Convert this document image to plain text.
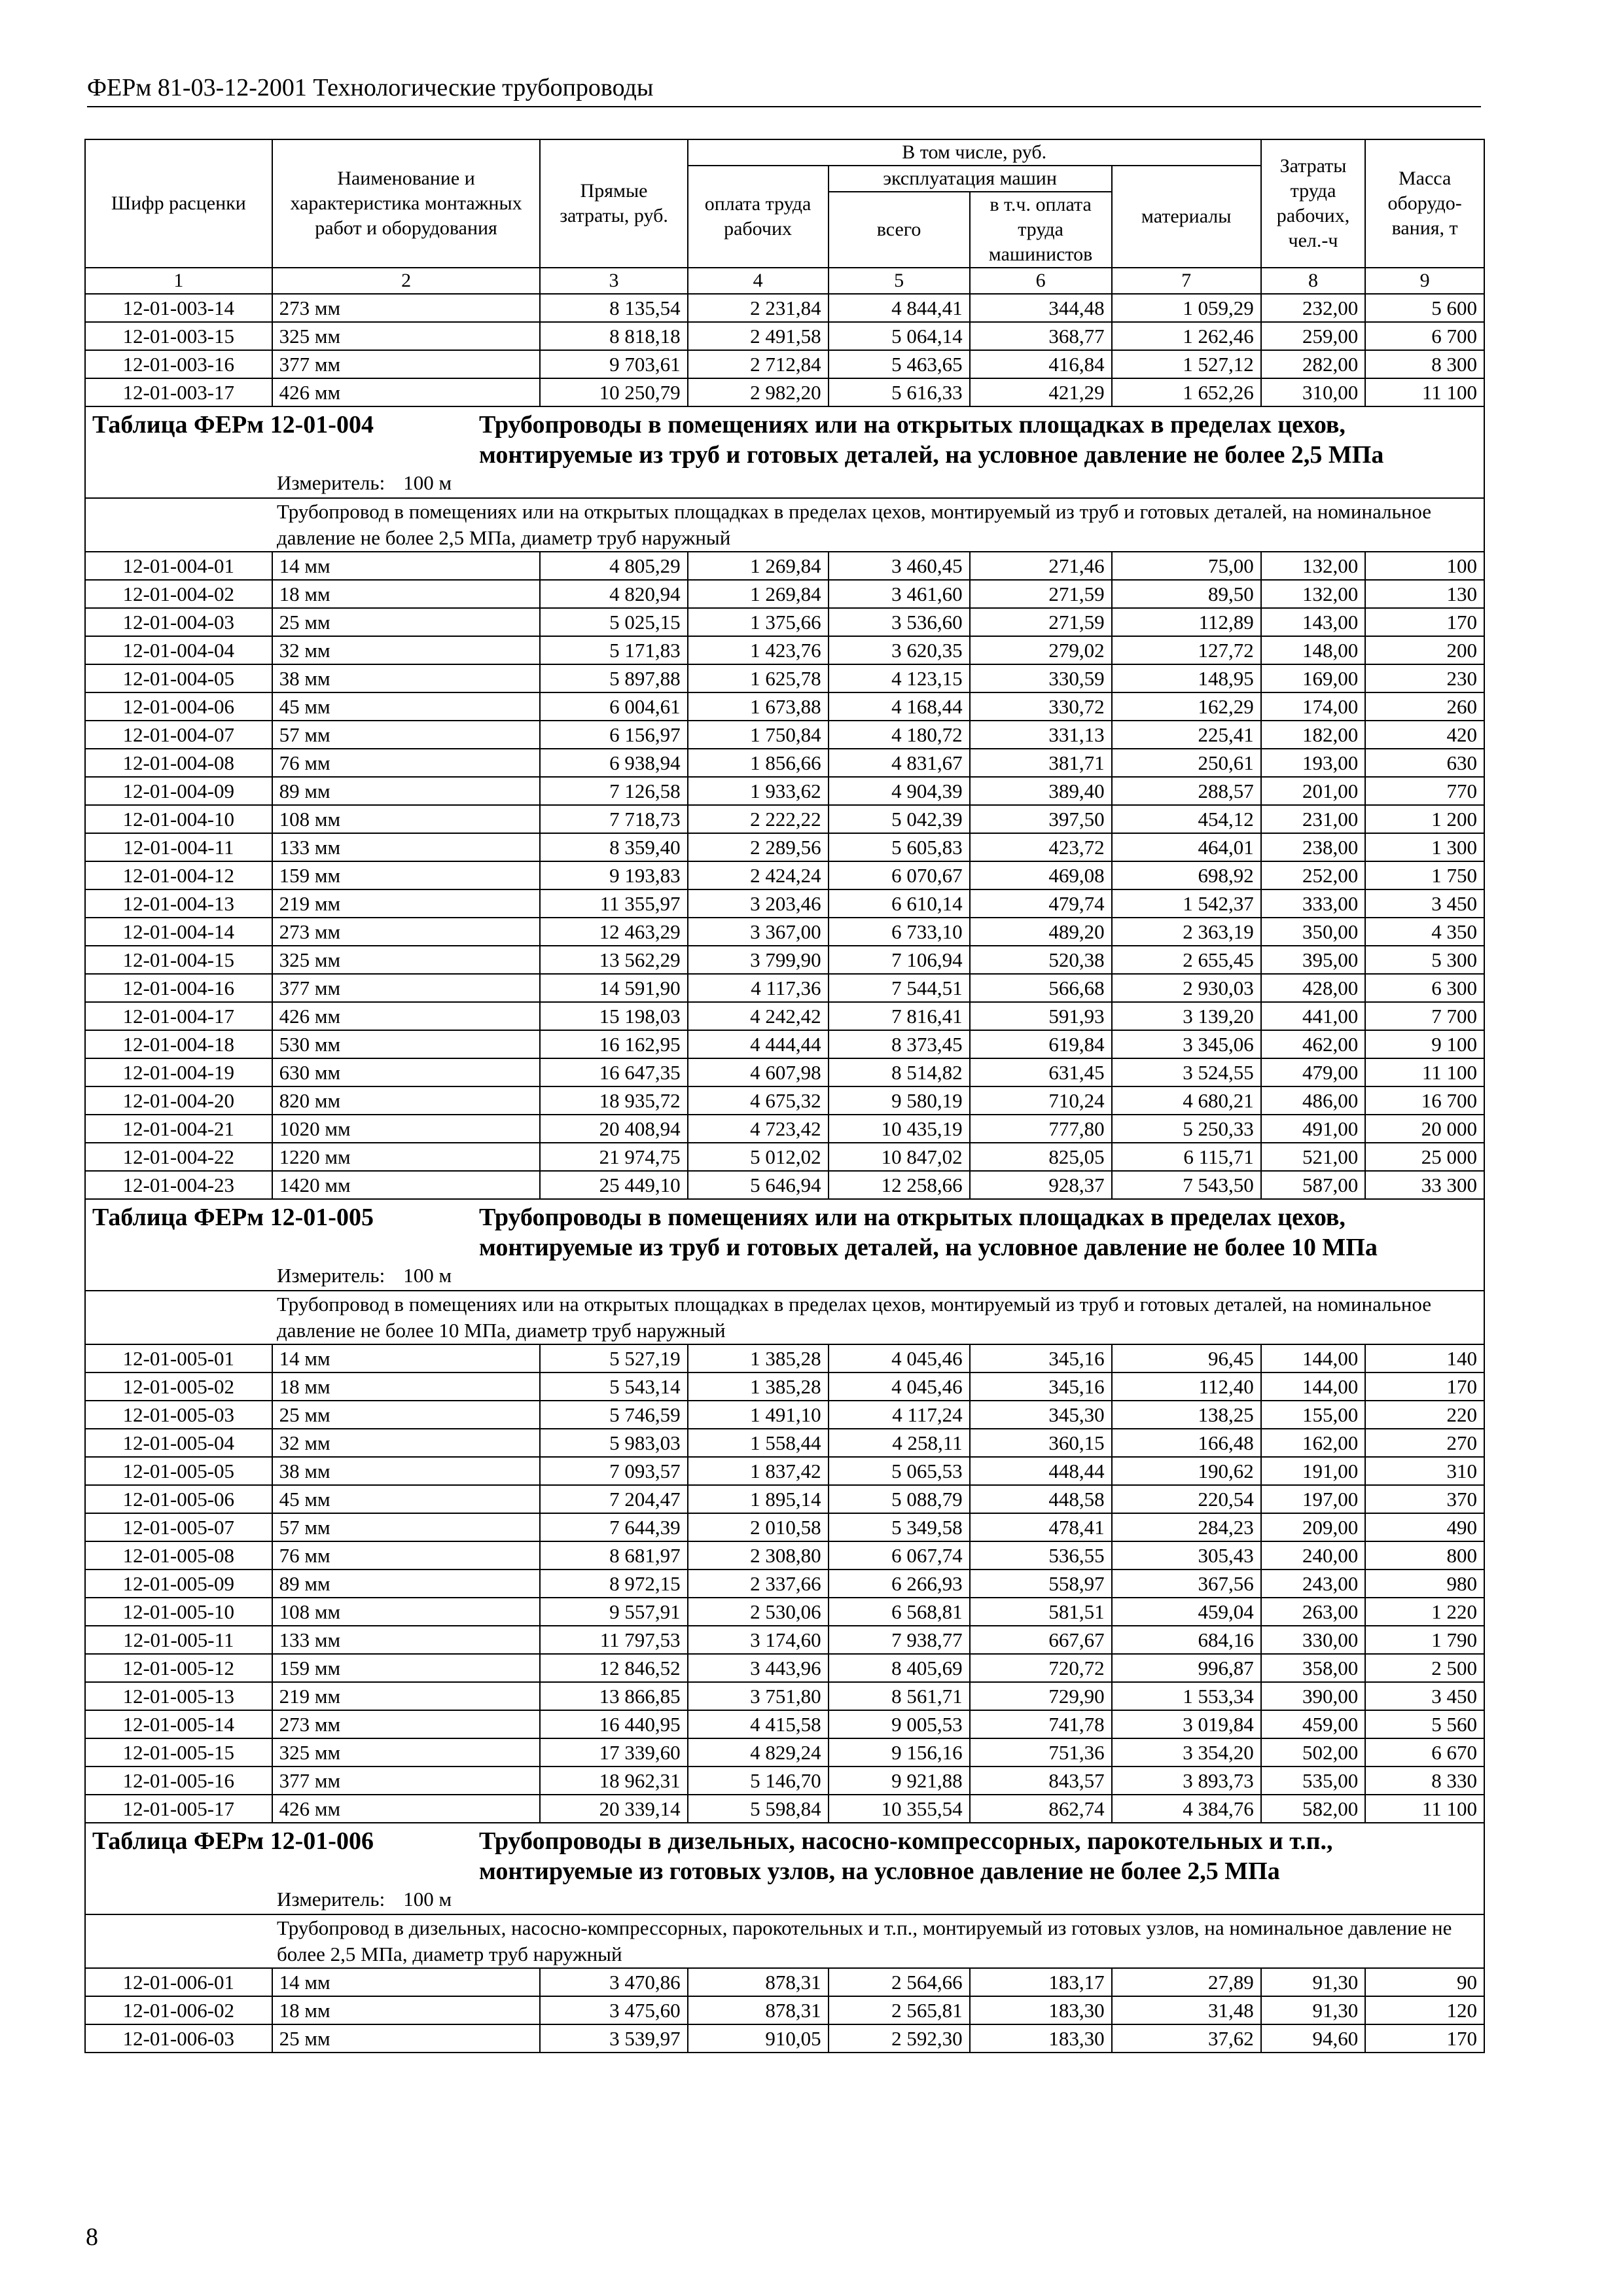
ФЕРм 81-03-12-2001 Технологические трубопроводы
Шифр расценки	Наименование и характеристика монтажных работ и оборудования	Прямые затраты, руб.	В том числе, руб.				Затраты труда рабочих, чел.-ч	Масса оборудо-вания, т
			оплата труда рабочих	эксплуатация машин		материалы		
				всего	в т.ч. оплата труда машинистов			
1	2	3	4	5	6	7	8	9
12-01-003-14	273 мм	8 135,54	2 231,84	4 844,41	344,48	1 059,29	232,00	5 600
12-01-003-15	325 мм	8 818,18	2 491,58	5 064,14	368,77	1 262,46	259,00	6 700
12-01-003-16	377 мм	9 703,61	2 712,84	5 463,65	416,84	1 527,12	282,00	8 300
12-01-003-17	426 мм	10 250,79	2 982,20	5 616,33	421,29	1 652,26	310,00	11 100

Таблица ФЕРм 12-01-004 Трубопроводы в помещениях или на открытых площадках в пределах цехов, монтируемые из труб и готовых деталей, на условное давление не более 2,5 МПа
Измеритель: 100 м								

Трубопровод в помещениях или на открытых площадках в пределах цехов, монтируемый из труб и готовых деталей, на номинальное давление не более 2,5 МПа, диаметр труб наружный								
12-01-004-01	14 мм	4 805,29	1 269,84	3 460,45	271,46	75,00	132,00	100
12-01-004-02	18 мм	4 820,94	1 269,84	3 461,60	271,59	89,50	132,00	130
12-01-004-03	25 мм	5 025,15	1 375,66	3 536,60	271,59	112,89	143,00	170
12-01-004-04	32 мм	5 171,83	1 423,76	3 620,35	279,02	127,72	148,00	200
12-01-004-05	38 мм	5 897,88	1 625,78	4 123,15	330,59	148,95	169,00	230
12-01-004-06	45 мм	6 004,61	1 673,88	4 168,44	330,72	162,29	174,00	260
12-01-004-07	57 мм	6 156,97	1 750,84	4 180,72	331,13	225,41	182,00	420
12-01-004-08	76 мм	6 938,94	1 856,66	4 831,67	381,71	250,61	193,00	630
12-01-004-09	89 мм	7 126,58	1 933,62	4 904,39	389,40	288,57	201,00	770
12-01-004-10	108 мм	7 718,73	2 222,22	5 042,39	397,50	454,12	231,00	1 200
12-01-004-11	133 мм	8 359,40	2 289,56	5 605,83	423,72	464,01	238,00	1 300
12-01-004-12	159 мм	9 193,83	2 424,24	6 070,67	469,08	698,92	252,00	1 750
12-01-004-13	219 мм	11 355,97	3 203,46	6 610,14	479,74	1 542,37	333,00	3 450
12-01-004-14	273 мм	12 463,29	3 367,00	6 733,10	489,20	2 363,19	350,00	4 350
12-01-004-15	325 мм	13 562,29	3 799,90	7 106,94	520,38	2 655,45	395,00	5 300
12-01-004-16	377 мм	14 591,90	4 117,36	7 544,51	566,68	2 930,03	428,00	6 300
12-01-004-17	426 мм	15 198,03	4 242,42	7 816,41	591,93	3 139,20	441,00	7 700
12-01-004-18	530 мм	16 162,95	4 444,44	8 373,45	619,84	3 345,06	462,00	9 100
12-01-004-19	630 мм	16 647,35	4 607,98	8 514,82	631,45	3 524,55	479,00	11 100
12-01-004-20	820 мм	18 935,72	4 675,32	9 580,19	710,24	4 680,21	486,00	16 700
12-01-004-21	1020 мм	20 408,94	4 723,42	10 435,19	777,80	5 250,33	491,00	20 000
12-01-004-22	1220 мм	21 974,75	5 012,02	10 847,02	825,05	6 115,71	521,00	25 000
12-01-004-23	1420 мм	25 449,10	5 646,94	12 258,66	928,37	7 543,50	587,00	33 300

Таблица ФЕРм 12-01-005 Трубопроводы в помещениях или на открытых площадках в пределах цехов, монтируемые из труб и готовых деталей, на условное давление не более 10 МПа
Измеритель: 100 м								

Трубопровод в помещениях или на открытых площадках в пределах цехов, монтируемый из труб и готовых деталей, на номинальное давление не более 10 МПа, диаметр труб наружный								
12-01-005-01	14 мм	5 527,19	1 385,28	4 045,46	345,16	96,45	144,00	140
12-01-005-02	18 мм	5 543,14	1 385,28	4 045,46	345,16	112,40	144,00	170
12-01-005-03	25 мм	5 746,59	1 491,10	4 117,24	345,30	138,25	155,00	220
12-01-005-04	32 мм	5 983,03	1 558,44	4 258,11	360,15	166,48	162,00	270
12-01-005-05	38 мм	7 093,57	1 837,42	5 065,53	448,44	190,62	191,00	310
12-01-005-06	45 мм	7 204,47	1 895,14	5 088,79	448,58	220,54	197,00	370
12-01-005-07	57 мм	7 644,39	2 010,58	5 349,58	478,41	284,23	209,00	490
12-01-005-08	76 мм	8 681,97	2 308,80	6 067,74	536,55	305,43	240,00	800
12-01-005-09	89 мм	8 972,15	2 337,66	6 266,93	558,97	367,56	243,00	980
12-01-005-10	108 мм	9 557,91	2 530,06	6 568,81	581,51	459,04	263,00	1 220
12-01-005-11	133 мм	11 797,53	3 174,60	7 938,77	667,67	684,16	330,00	1 790
12-01-005-12	159 мм	12 846,52	3 443,96	8 405,69	720,72	996,87	358,00	2 500
12-01-005-13	219 мм	13 866,85	3 751,80	8 561,71	729,90	1 553,34	390,00	3 450
12-01-005-14	273 мм	16 440,95	4 415,58	9 005,53	741,78	3 019,84	459,00	5 560
12-01-005-15	325 мм	17 339,60	4 829,24	9 156,16	751,36	3 354,20	502,00	6 670
12-01-005-16	377 мм	18 962,31	5 146,70	9 921,88	843,57	3 893,73	535,00	8 330
12-01-005-17	426 мм	20 339,14	5 598,84	10 355,54	862,74	4 384,76	582,00	11 100

Таблица ФЕРм 12-01-006 Трубопроводы в дизельных, насосно-компрессорных, парокотельных и т.п., монтируемые из готовых узлов, на условное давление не более 2,5 МПа
Измеритель: 100 м								

Трубопровод в дизельных, насосно-компрессорных, парокотельных и т.п., монтируемый из готовых узлов, на номинальное давление не более 2,5 МПа, диаметр труб наружный								
12-01-006-01	14 мм	3 470,86	878,31	2 564,66	183,17	27,89	91,30	90
12-01-006-02	18 мм	3 475,60	878,31	2 565,81	183,30	31,48	91,30	120
12-01-006-03	25 мм	3 539,97	910,05	2 592,30	183,30	37,62	94,60	170
8
